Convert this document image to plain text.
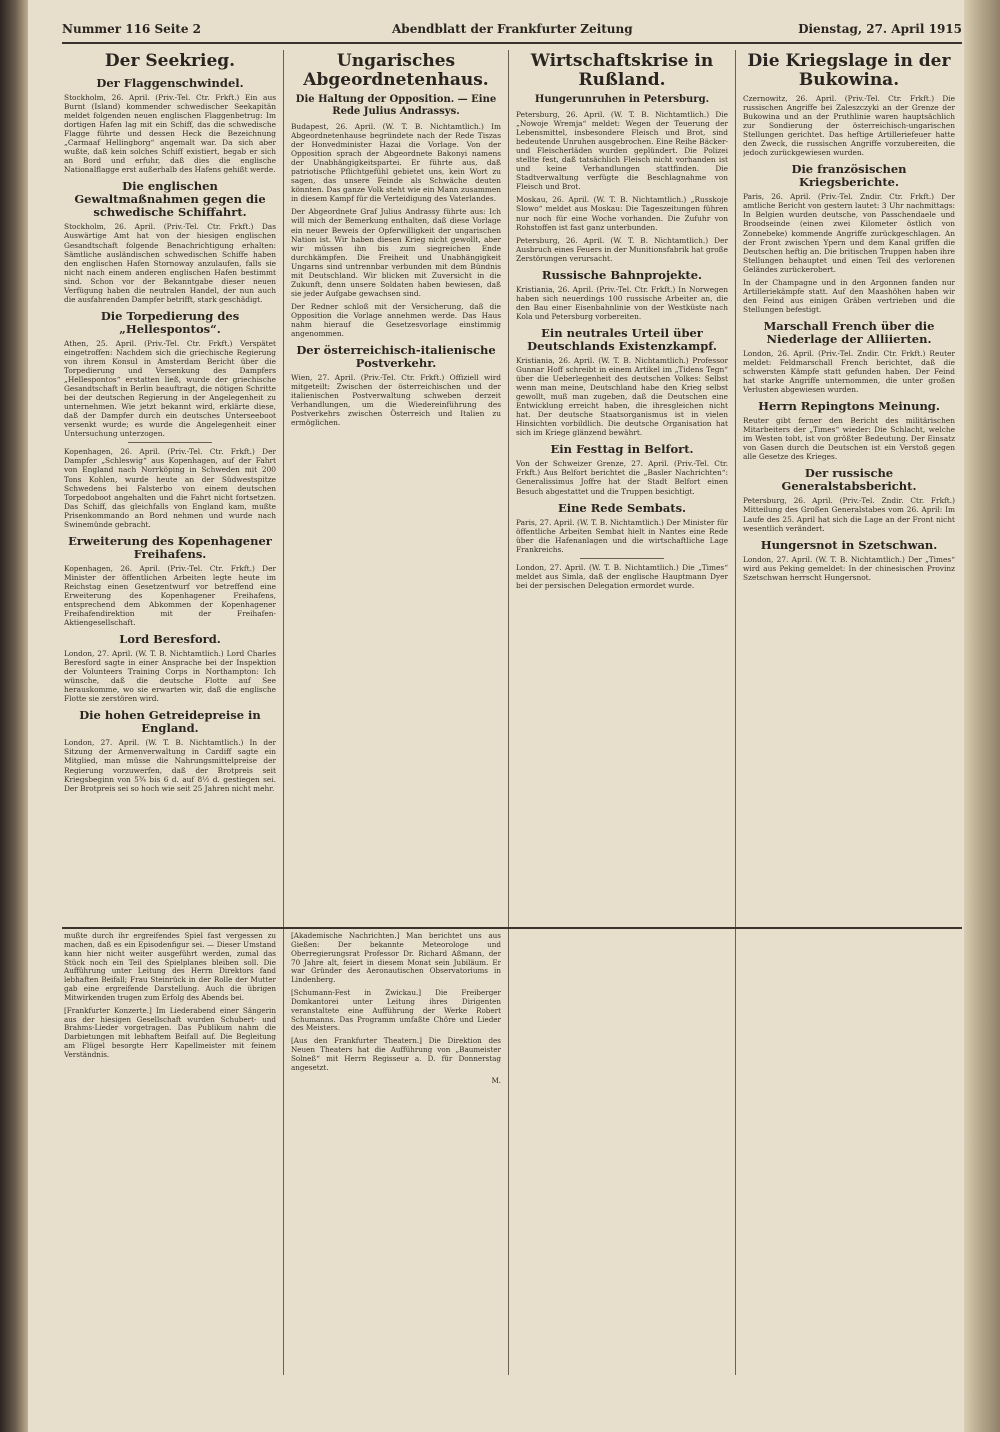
Nummer 116 Seite 2	Abendblatt der Frankfurter Zeitung	Dienstag, 27. April 1915
Der Seekrieg.
Der Flaggenschwindel.

Stockholm, 26. April. (Priv.-Tel. Ctr. Frkft.) Ein aus Burnt (Island) kommender schwedischer Seekapitän meldet folgenden neuen englischen Flaggenbetrug: Im dortigen Hafen lag mit ein Schiff, das die schwedische Flagge führte und dessen Heck die Bezeichnung „Carmaaf Hellingborg“ angemalt war. Da sich aber wußte, daß kein solches Schiff existiert, begab er sich an Bord und erfuhr, daß dies die englische Nationalflagge erst außerhalb des Hafens gehißt werde.

Die englischen Gewaltmaßnahmen gegen die schwedische Schiffahrt.

Stockholm, 26. April. (Priv.-Tel. Ctr. Frkft.) Das Auswärtige Amt hat von der hiesigen englischen Gesandtschaft folgende Benachrichtigung erhalten: Sämtliche ausländischen schwedischen Schiffe haben den englischen Hafen Stornoway anzulaufen, falls sie nicht nach einem anderen englischen Hafen bestimmt sind. Schon vor der Bekanntgabe dieser neuen Verfügung haben die neutralen Handel, der nun auch die ausfahrenden Dampfer betrifft, stark geschädigt.

Die Torpedierung des „Hellespontos“.

Athen, 25. April. (Priv.-Tel. Ctr. Frkft.) Verspätet eingetroffen: Nachdem sich die griechische Regierung von ihrem Konsul in Amsterdam Bericht über die Torpedierung und Versenkung des Dampfers „Hellespontos“ erstatten ließ, wurde der griechische Gesandtschaft in Berlin beauftragt, die nötigen Schritte bei der deutschen Regierung in der Angelegenheit zu unternehmen. Wie jetzt bekannt wird, erklärte diese, daß der Dampfer durch ein deutsches Unterseeboot versenkt wurde; es wurde die Angelegenheit einer Untersuchung unterzogen.

Kopenhagen, 26. April. (Priv.-Tel. Ctr. Frkft.) Der Dampfer „Schleswig“ aus Kopenhagen, auf der Fahrt von England nach Norrköping in Schweden mit 200 Tons Kohlen, wurde heute an der Südwestspitze Schwedens bei Falsterbo von einem deutschen Torpedoboot angehalten und die Fahrt nicht fortsetzen. Das Schiff, das gleichfalls von England kam, mußte Prisenkommando an Bord nehmen und wurde nach Swinemünde gebracht.

Erweiterung des Kopenhagener Freihafens.

Kopenhagen, 26. April. (Priv.-Tel. Ctr. Frkft.) Der Minister der öffentlichen Arbeiten legte heute im Reichstag einen Gesetzentwurf vor betreffend eine Erweiterung des Kopenhagener Freihafens, entsprechend dem Abkommen der Kopenhagener Freihafendirektion mit der Freihafen-Aktiengesellschaft.

Lord Beresford.

London, 27. April. (W. T. B. Nichtamtlich.) Lord Charles Beresford sagte in einer Ansprache bei der Inspektion der Volunteers Training Corps in Northampton: Ich wünsche, daß die deutsche Flotte auf See herauskomme, wo sie erwarten wir, daß die englische Flotte sie zerstören wird.

Die hohen Getreidepreise in England.

London, 27. April. (W. T. B. Nichtamtlich.) In der Sitzung der Armenverwaltung in Cardiff sagte ein Mitglied, man müsse die Nahrungsmittelpreise der Regierung vorzuwerfen, daß der Brotpreis seit Kriegsbeginn von 5¾ bis 6 d. auf 8½ d. gestiegen sei. Der Brotpreis sei so hoch wie seit 25 Jahren nicht mehr.

Ungarisches Abgeordnetenhaus.
Die Haltung der Opposition. — Eine Rede Julius Andrassys.

Budapest, 26. April. (W. T. B. Nichtamtlich.) Im Abgeordnetenhause begründete nach der Rede Tiszas der Honvedminister Hazai die Vorlage. Von der Opposition sprach der Abgeordnete Bakonyi namens der Unabhängigkeitspartei. Er führte aus, daß patriotische Pflichtgefühl gebietet uns, kein Wort zu sagen, das unsere Feinde als Schwäche deuten könnten. Das ganze Volk steht wie ein Mann zusammen in diesem Kampf für die Verteidigung des Vaterlandes.

Der Abgeordnete Graf Julius Andrassy führte aus: Ich will mich der Bemerkung enthalten, daß diese Vorlage ein neuer Beweis der Opferwilligkeit der ungarischen Nation ist. Wir haben diesen Krieg nicht gewollt, aber wir müssen ihn bis zum siegreichen Ende durchkämpfen. Die Freiheit und Unabhängigkeit Ungarns sind untrennbar verbunden mit dem Bündnis mit Deutschland. Wir blicken mit Zuversicht in die Zukunft, denn unsere Soldaten haben bewiesen, daß sie jeder Aufgabe gewachsen sind.

Der Redner schloß mit der Versicherung, daß die Opposition die Vorlage annehmen werde. Das Haus nahm hierauf die Gesetzesvorlage einstimmig angenommen.

Der österreichisch-italienische Postverkehr.

Wien, 27. April. (Priv.-Tel. Ctr. Frkft.) Offiziell wird mitgeteilt: Zwischen der österreichischen und der italienischen Postverwaltung schweben derzeit Verhandlungen, um die Wiedereinführung des Postverkehrs zwischen Österreich und Italien zu ermöglichen.

Wirtschaftskrise in Rußland.
Hungerunruhen in Petersburg.

Petersburg, 26. April. (W. T. B. Nichtamtlich.) Die „Nowoje Wremja“ meldet: Wegen der Teuerung der Lebensmittel, insbesondere Fleisch und Brot, sind bedeutende Unruhen ausgebrochen. Eine Reihe Bäcker- und Fleischerläden wurden geplündert. Die Polizei stellte fest, daß tatsächlich Fleisch nicht vorhanden ist und keine Verhandlungen stattfinden. Die Stadtverwaltung verfügte die Beschlagnahme von Fleisch und Brot.

Moskau, 26. April. (W. T. B. Nichtamtlich.) „Russkoje Slowo“ meldet aus Moskau: Die Tageszeitungen führen nur noch für eine Woche vorhanden. Die Zufuhr von Rohstoffen ist fast ganz unterbunden.

Petersburg, 26. April. (W. T. B. Nichtamtlich.) Der Ausbruch eines Feuers in der Munitionsfabrik hat große Zerstörungen verursacht.

Russische Bahnprojekte.

Kristiania, 26. April. (Priv.-Tel. Ctr. Frkft.) In Norwegen haben sich neuerdings 100 russische Arbeiter an, die den Bau einer Eisenbahnlinie von der Westküste nach Kola und Petersburg vorbereiten.

Ein neutrales Urteil über Deutschlands Existenzkampf.

Kristiania, 26. April. (W. T. B. Nichtamtlich.) Professor Gunnar Hoff schreibt in einem Artikel im „Tidens Tegn“ über die Ueberlegenheit des deutschen Volkes: Selbst wenn man meine, Deutschland habe den Krieg selbst gewollt, muß man zugeben, daß die Deutschen eine Entwicklung erreicht haben, die ihresgleichen nicht hat. Der deutsche Staatsorganismus ist in vielen Hinsichten vorbildlich. Die deutsche Organisation hat sich im Kriege glänzend bewährt.

Ein Festtag in Belfort.

Von der Schweizer Grenze, 27. April. (Priv.-Tel. Ctr. Frkft.) Aus Belfort berichtet die „Basler Nachrichten“: Generalissimus Joffre hat der Stadt Belfort einen Besuch abgestattet und die Truppen besichtigt.

Eine Rede Sembats.

Paris, 27. April. (W. T. B. Nichtamtlich.) Der Minister für öffentliche Arbeiten Sembat hielt in Nantes eine Rede über die Hafenanlagen und die wirtschaftliche Lage Frankreichs.

London, 27. April. (W. T. B. Nichtamtlich.) Die „Times“ meldet aus Simla, daß der englische Hauptmann Dyer bei der persischen Delegation ermordet wurde.

Die Kriegslage in der Bukowina.

Czernowitz, 26. April. (Priv.-Tel. Ctr. Frkft.) Die russischen Angriffe bei Zaleszczyki an der Grenze der Bukowina und an der Pruthlinie waren hauptsächlich zur Sondierung der österreichisch-ungarischen Stellungen gerichtet. Das heftige Artilleriefeuer hatte den Zweck, die russischen Angriffe vorzubereiten, die jedoch zurückgewiesen wurden.

Die französischen Kriegsberichte.

Paris, 26. April. (Priv.-Tel. Zndir. Ctr. Frkft.) Der amtliche Bericht von gestern lautet: 3 Uhr nachmittags: In Belgien wurden deutsche, von Passchendaele und Broodseinde (einen zwei Kilometer östlich von Zonnebeke) kommende Angriffe zurückgeschlagen. An der Front zwischen Ypern und dem Kanal griffen die Deutschen heftig an. Die britischen Truppen haben ihre Stellungen behauptet und einen Teil des verlorenen Geländes zurückerobert.

In der Champagne und in den Argonnen fanden nur Artilleriekämpfe statt. Auf den Maashöhen haben wir den Feind aus einigen Gräben vertrieben und die Stellungen befestigt.

Marschall French über die Niederlage der Alliierten.

London, 26. April. (Priv.-Tel. Zndir. Ctr. Frkft.) Reuter meldet: Feldmarschall French berichtet, daß die schwersten Kämpfe statt gefunden haben. Der Feind hat starke Angriffe unternommen, die unter großen Verlusten abgewiesen wurden.

Herrn Repingtons Meinung.

Reuter gibt ferner den Bericht des militärischen Mitarbeiters der „Times“ wieder: Die Schlacht, welche im Westen tobt, ist von größter Bedeutung. Der Einsatz von Gasen durch die Deutschen ist ein Verstoß gegen alle Gesetze des Krieges.

Der russische Generalstabsbericht.

Petersburg, 26. April. (Priv.-Tel. Zndir. Ctr. Frkft.) Mitteilung des Großen Generalstabes vom 26. April: Im Laufe des 25. April hat sich die Lage an der Front nicht wesentlich verändert.

Hungersnot in Szetschwan.

London, 27. April. (W. T. B. Nichtamtlich.) Der „Times“ wird aus Peking gemeldet: In der chinesischen Provinz Szetschwan herrscht Hungersnot.

mußte durch ihr ergreifendes Spiel fast vergessen zu machen, daß es ein Episodenfigur sei. — Dieser Umstand kann hier nicht weiter ausgeführt werden, zumal das Stück noch ein Teil des Spielplanes bleiben soll. Die Aufführung unter Leitung des Herrn Direktors fand lebhaften Beifall; Frau Steinrück in der Rolle der Mutter gab eine ergreifende Darstellung. Auch die übrigen Mitwirkenden trugen zum Erfolg des Abends bei.

[Frankfurter Konzerte.] Im Liederabend einer Sängerin aus der hiesigen Gesellschaft wurden Schubert- und Brahms-Lieder vorgetragen. Das Publikum nahm die Darbietungen mit lebhaftem Beifall auf. Die Begleitung am Flügel besorgte Herr Kapellmeister mit feinem Verständnis.

[Akademische Nachrichten.] Man berichtet uns aus Gießen: Der bekannte Meteorologe und Oberregierungsrat Professor Dr. Richard Aßmann, der 70 Jahre alt, feiert in diesem Monat sein Jubiläum. Er war Gründer des Aeronautischen Observatoriums in Lindenberg.

[Schumann-Fest in Zwickau.] Die Freiberger Domkantorei unter Leitung ihres Dirigenten veranstaltete eine Aufführung der Werke Robert Schumanns. Das Programm umfaßte Chöre und Lieder des Meisters.

[Aus den Frankfurter Theatern.] Die Direktion des Neuen Theaters hat die Aufführung von „Baumeister Solneß“ mit Herrn Regisseur a. D. für Donnerstag angesetzt.

M.
